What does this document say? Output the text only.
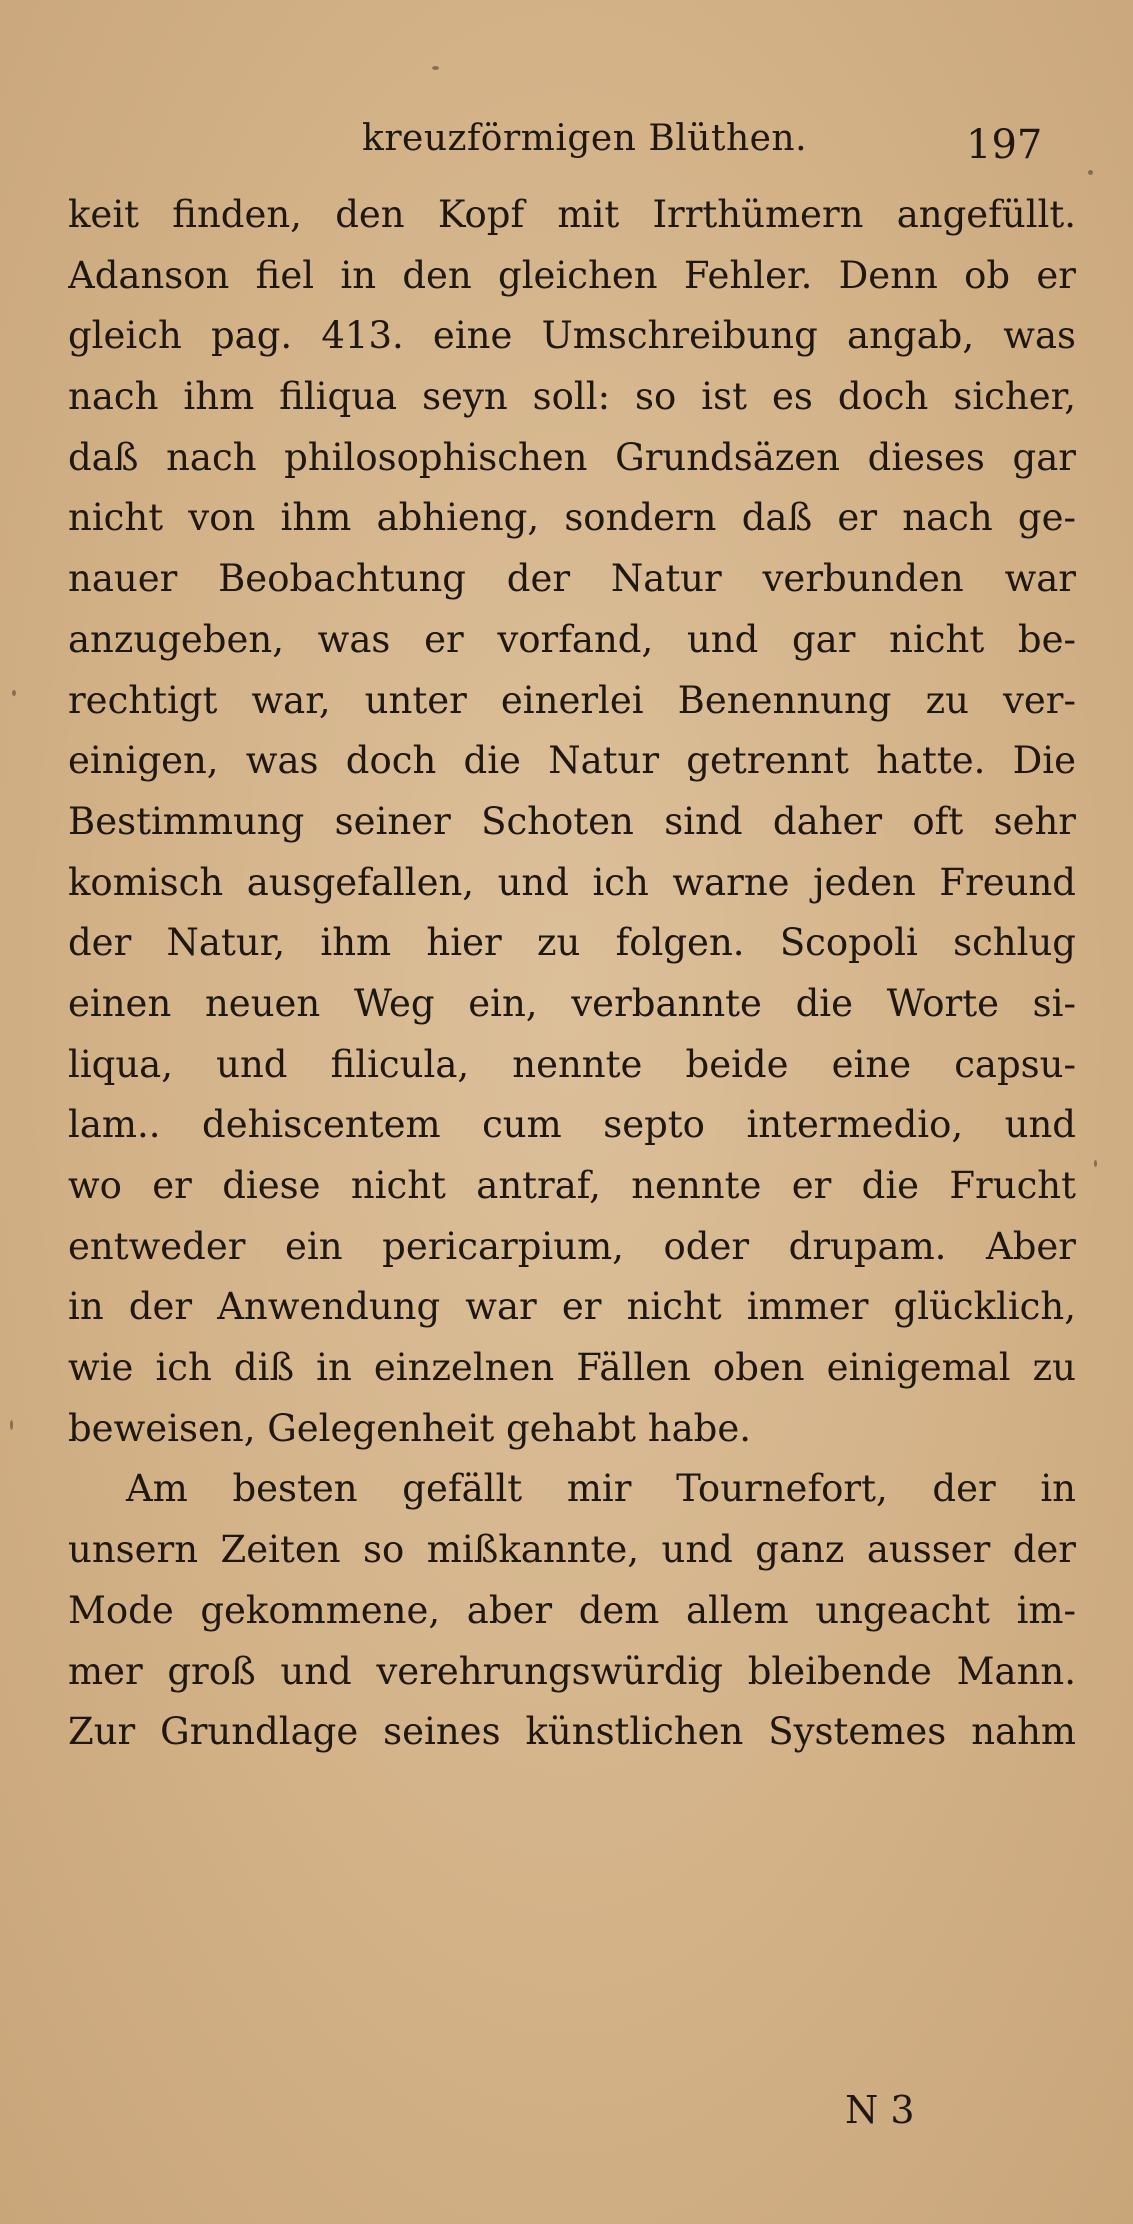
kreuzförmigen Blüthen.	197
keit finden, den Kopf mit Irrthümern angefüllt.
Adanson fiel in den gleichen Fehler. Denn ob er
gleich pag. 413. eine Umschreibung angab, was
nach ihm filiqua seyn soll: so ist es doch sicher,
daß nach philosophischen Grundsäzen dieses gar
nicht von ihm abhieng, sondern daß er nach ge-
nauer Beobachtung der Natur verbunden war
anzugeben, was er vorfand, und gar nicht be-
rechtigt war, unter einerlei Benennung zu ver-
einigen, was doch die Natur getrennt hatte. Die
Bestimmung seiner Schoten sind daher oft sehr
komisch ausgefallen, und ich warne jeden Freund
der Natur, ihm hier zu folgen. Scopoli schlug
einen neuen Weg ein, verbannte die Worte si-
liqua, und filicula, nennte beide eine capsu-
lam.. dehiscentem cum septo intermedio, und
wo er diese nicht antraf, nennte er die Frucht
entweder ein pericarpium, oder drupam. Aber
in der Anwendung war er nicht immer glücklich,
wie ich diß in einzelnen Fällen oben einigemal zu
beweisen, Gelegenheit gehabt habe.
Am besten gefällt mir Tournefort, der in
unsern Zeiten so mißkannte, und ganz ausser der
Mode gekommene, aber dem allem ungeacht im-
mer groß und verehrungswürdig bleibende Mann.
Zur Grundlage seines künstlichen Systemes nahm
N 3
